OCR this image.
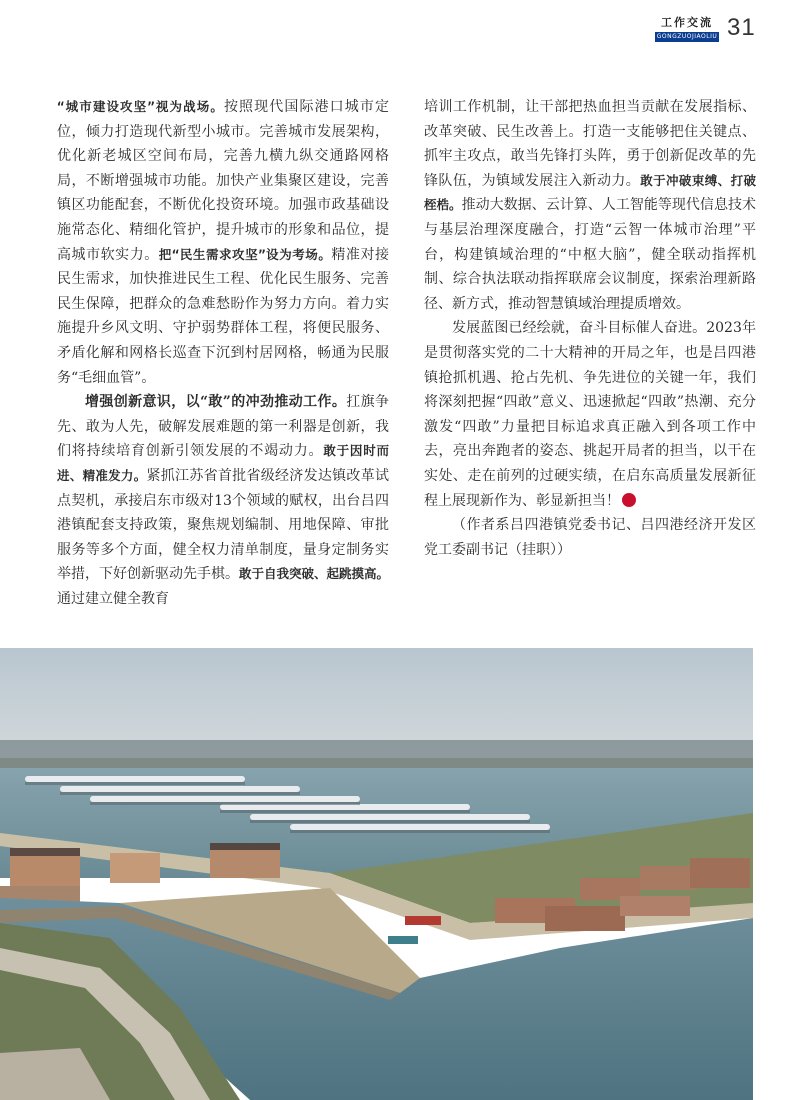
工作交流
GONGZUOJIAOLIU 31

“城市建设攻坚”视为战场。按照现代国际港口城市定位，倾力打造现代新型小城市。完善城市发展架构，优化新老城区空间布局，完善九横九纵交通路网格局，不断增强城市功能。加快产业集聚区建设，完善镇区功能配套，不断优化投资环境。加强市政基础设施常态化、精细化管护，提升城市的形象和品位，提高城市软实力。把“民生需求攻坚”设为考场。精准对接民生需求，加快推进民生工程、优化民生服务、完善民生保障，把群众的急难愁盼作为努力方向。着力实施提升乡风文明、守护弱势群体工程，将便民服务、矛盾化解和网格长巡查下沉到村居网格，畅通为民服务“毛细血管”。

增强创新意识，以“敢”的冲劲推动工作。扛旗争先、敢为人先，破解发展难题的第一利器是创新，我们将持续培育创新引领发展的不竭动力。敢于因时而进、精准发力。紧抓江苏省首批省级经济发达镇改革试点契机，承接启东市级对13个领域的赋权，出台吕四港镇配套支持政策，聚焦规划编制、用地保障、审批服务等多个方面，健全权力清单制度，量身定制务实举措，下好创新驱动先手棋。敢于自我突破、起跳摸高。通过建立健全教育

培训工作机制，让干部把热血担当贡献在发展指标、改革突破、民生改善上。打造一支能够把住关键点、抓牢主攻点，敢当先锋打头阵，勇于创新促改革的先锋队伍，为镇域发展注入新动力。敢于冲破束缚、打破桎梏。推动大数据、云计算、人工智能等现代信息技术与基层治理深度融合，打造“云智一体城市治理”平台，构建镇域治理的“中枢大脑”，健全联动指挥机制、综合执法联动指挥联席会议制度，探索治理新路径、新方式，推动智慧镇域治理提质增效。

发展蓝图已经绘就，奋斗目标催人奋进。2023年是贯彻落实党的二十大精神的开局之年，也是吕四港镇抢抓机遇、抢占先机、争先进位的关键一年，我们将深刻把握“四敢”意义、迅速掀起“四敢”热潮、充分激发“四敢”力量把目标追求真正融入到各项工作中去，亮出奔跑者的姿态、挑起开局者的担当，以干在实处、走在前列的过硬实绩，在启东高质量发展新征程上展现新作为、彰显新担当！

（作者系吕四港镇党委书记、吕四港经济开发区党工委副书记（挂职））
